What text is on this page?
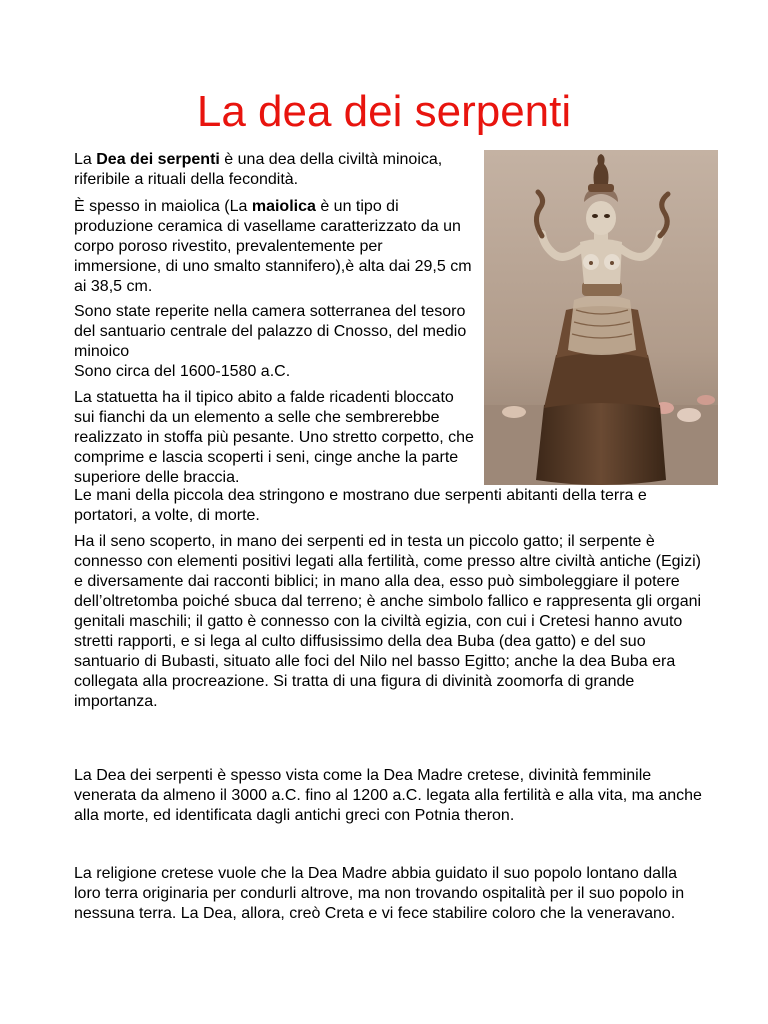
La dea dei serpenti

La Dea dei serpenti è una dea della civiltà minoica, riferibile a rituali della fecondità.

È spesso in maiolica (La maiolica è un tipo di produzione ceramica di vasellame caratterizzato da un corpo poroso rivestito, prevalentemente per immersione, di uno smalto stannifero),è alta dai 29,5 cm ai 38,5 cm.

Sono state reperite nella camera sotterranea del tesoro del santuario centrale del palazzo di Cnosso, del medio minoico
Sono circa del 1600-1580 a.C.

La statuetta ha il tipico abito a falde ricadenti bloccato sui fianchi da un elemento a selle che sembrerebbe realizzato in stoffa più pesante. Uno stretto corpetto, che comprime e lascia scoperti i seni, cinge anche la parte superiore delle braccia.

Le mani della piccola dea stringono e mostrano due serpenti abitanti della terra e portatori, a volte, di morte.

Ha il seno scoperto, in mano dei serpenti ed in testa un piccolo gatto; il serpente è connesso con elementi positivi legati alla fertilità, come presso altre civiltà antiche (Egizi) e diversamente dai racconti biblici; in mano alla dea, esso può simboleggiare il potere dell’oltretomba poiché sbuca dal terreno; è anche simbolo fallico e rappresenta gli organi genitali maschili; il gatto è connesso con la civiltà egizia, con cui i Cretesi hanno avuto stretti rapporti, e si lega al culto diffusissimo della dea Buba (dea gatto) e del suo santuario di Bubasti, situato alle foci del Nilo nel basso Egitto; anche la dea Buba era collegata alla procreazione. Si tratta di una figura di divinità zoomorfa di grande importanza.

La Dea dei serpenti è spesso vista come la Dea Madre cretese, divinità femminile venerata da almeno il 3000 a.C. fino al 1200 a.C. legata alla fertilità e alla vita, ma anche alla morte, ed identificata dagli antichi greci con Potnia theron.

La religione cretese vuole che la Dea Madre abbia guidato il suo popolo lontano dalla loro terra originaria per condurli altrove, ma non trovando ospitalità per il suo popolo in nessuna terra. La Dea, allora, creò Creta e vi fece stabilire coloro che la veneravano.
